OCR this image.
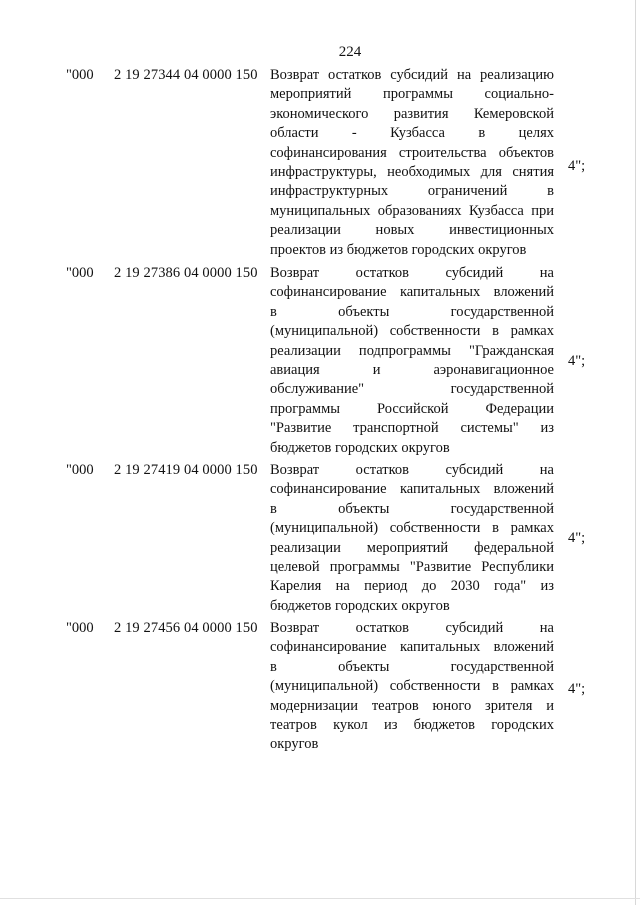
224
"000 2 19 27344 04 0000 150 Возврат остатков субсидий на реализацию
мероприятий программы социально-
экономического развития Кемеровской
области - Кузбасса в целях
софинансирования строительства объектов
инфраструктуры, необходимых для снятия
инфраструктурных ограничений в
муниципальных образованиях Кузбасса при
реализации новых инвестиционных
проектов из бюджетов городских округов
4";
"000 2 19 27386 04 0000 150 Возврат остатков субсидий на
софинансирование капитальных вложений
в объекты государственной
(муниципальной) собственности в рамках
реализации подпрограммы "Гражданская
авиация и аэронавигационное
обслуживание" государственной
программы Российской Федерации
"Развитие транспортной системы" из
бюджетов городских округов
4";
"000 2 19 27419 04 0000 150 Возврат остатков субсидий на
софинансирование капитальных вложений
в объекты государственной
(муниципальной) собственности в рамках
реализации мероприятий федеральной
целевой программы "Развитие Республики
Карелия на период до 2030 года" из
бюджетов городских округов
4";
"000 2 19 27456 04 0000 150 Возврат остатков субсидий на
софинансирование капитальных вложений
в объекты государственной
(муниципальной) собственности в рамках
модернизации театров юного зрителя и
театров кукол из бюджетов городских
округов
4";
